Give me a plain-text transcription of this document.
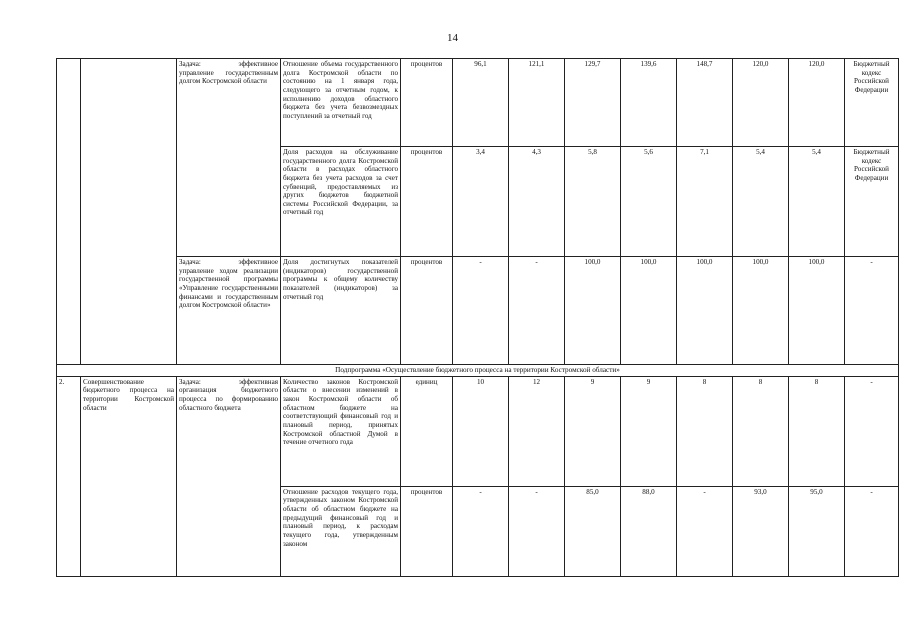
14
		Задача: эффективное управление государственным долгом Костромской области	Отношение объема государственного долга Костромской области по состоянию на 1 января года, следующего за отчетным годом, к исполнению доходов областного бюджета без учета безвозмездных поступлений за отчетный год	процентов	96,1	121,1	129,7	139,6	148,7	120,0	120,0	Бюджетный кодекс Российской Федерации
			Доля расходов на обслуживание государственного долга Костромской области в расходах областного бюджета без учета расходов за счет субвенций, предоставляемых из других бюджетов бюджетной системы Российской Федерации, за отчетный год	процентов	3,4	4,3	5,8	5,6	7,1	5,4	5,4	Бюджетный кодекс Российской Федерации
		Задача: эффективное управление ходом реализации государственной программы «Управление государственными финансами и государственным долгом Костромской области»	Доля достигнутых показателей (индикаторов) государственной программы к общему количеству показателей (индикаторов) за отчетный год	процентов	-	-	100,0	100,0	100,0	100,0	100,0	-
Подпрограмма «Осуществление бюджетного процесса на территории Костромской области»												
2.	Совершенствование бюджетного процесса на территории Костромской области	Задача: эффективная организация бюджетного процесса по формированию областного бюджета	Количество законов Костромской области о внесении изменений в закон Костромской области об областном бюджете на соответствующий финансовый год и плановый период, принятых Костромской областной Думой в течение отчетного года	единиц	10	12	9	9	8	8	8	-
			Отношение расходов текущего года, утвержденных законом Костромской области об областном бюджете на предыдущий финансовый год и плановый период, к расходам текущего года, утвержденным законом	процентов	-	-	85,0	88,0	-	93,0	95,0	-
